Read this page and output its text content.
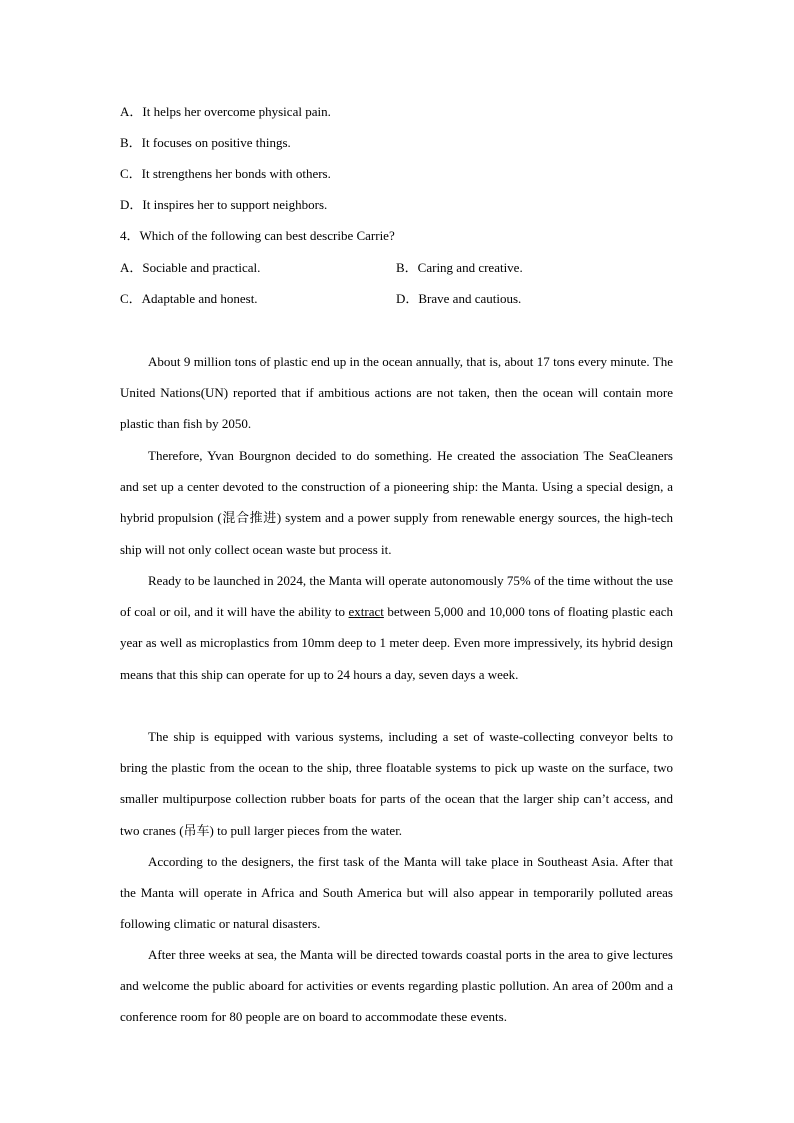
A．It helps her overcome physical pain.

B．It focuses on positive things.

C．It strengthens her bonds with others.

D．It inspires her to support neighbors.

4．Which of the following can best describe Carrie?

A．Sociable and practical.	B．Caring and creative.

C．Adaptable and honest.	D．Brave and cautious.

About 9 million tons of plastic end up in the ocean annually, that is, about 17 tons every minute. The United Nations(UN) reported that if ambitious actions are not taken, then the ocean will contain more plastic than fish by 2050.

Therefore, Yvan Bourgnon decided to do something. He created the association The SeaCleaners and set up a center devoted to the construction of a pioneering ship: the Manta. Using a special design, a hybrid propulsion (混合推进) system and a power supply from renewable energy sources, the high-tech ship will not only collect ocean waste but process it.

Ready to be launched in 2024, the Manta will operate autonomously 75% of the time without the use of coal or oil, and it will have the ability to extract between 5,000 and 10,000 tons of floating plastic each year as well as microplastics from 10mm deep to 1 meter deep. Even more impressively, its hybrid design means that this ship can operate for up to 24 hours a day, seven days a week.

The ship is equipped with various systems, including a set of waste-collecting conveyor belts to bring the plastic from the ocean to the ship, three floatable systems to pick up waste on the surface, two smaller multipurpose collection rubber boats for parts of the ocean that the larger ship can’t access, and two cranes (吊车) to pull larger pieces from the water.

According to the designers, the first task of the Manta will take place in Southeast Asia. After that the Manta will operate in Africa and South America but will also appear in temporarily polluted areas following climatic or natural disasters.

After three weeks at sea, the Manta will be directed towards coastal ports in the area to give lectures and welcome the public aboard for activities or events regarding plastic pollution. An area of 200m and a conference room for 80 people are on board to accommodate these events.
